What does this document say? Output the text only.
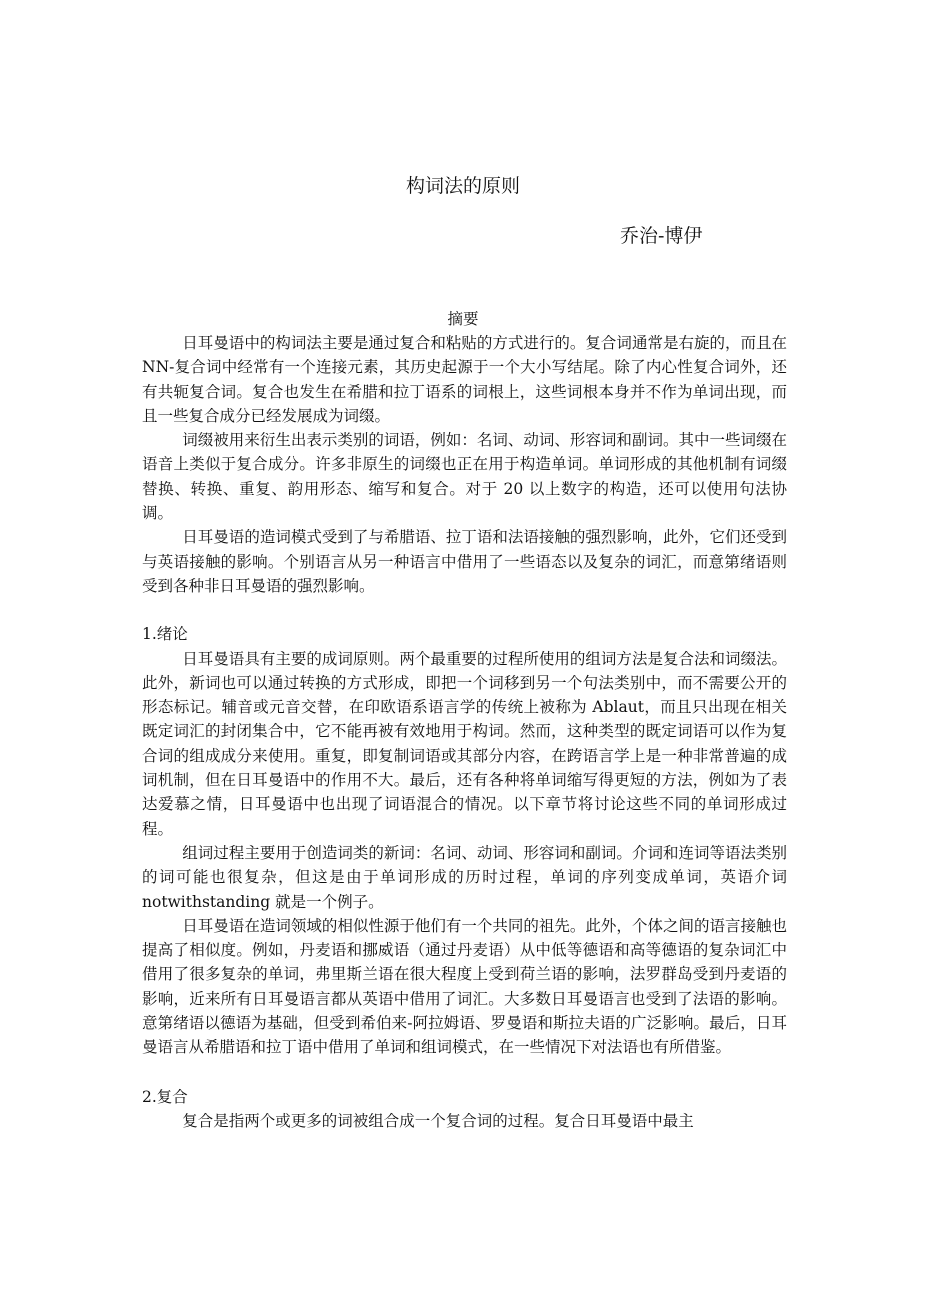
构词法的原则
乔治-博伊
摘要

日耳曼语中的构词法主要是通过复合和粘贴的方式进行的。复合词通常是右旋的，而且在 NN-复合词中经常有一个连接元素，其历史起源于一个大小写结尾。除了内心性复合词外，还有共轭复合词。复合也发生在希腊和拉丁语系的词根上，这些词根本身并不作为单词出现，而且一些复合成分已经发展成为词缀。

词缀被用来衍生出表示类别的词语，例如：名词、动词、形容词和副词。其中一些词缀在语音上类似于复合成分。许多非原生的词缀也正在用于构造单词。单词形成的其他机制有词缀替换、转换、重复、韵用形态、缩写和复合。对于 20 以上数字的构造，还可以使用句法协调。

日耳曼语的造词模式受到了与希腊语、拉丁语和法语接触的强烈影响，此外，它们还受到与英语接触的影响。个别语言从另一种语言中借用了一些语态以及复杂的词汇，而意第绪语则受到各种非日耳曼语的强烈影响。

1.绪论

日耳曼语具有主要的成词原则。两个最重要的过程所使用的组词方法是复合法和词缀法。此外，新词也可以通过转换的方式形成，即把一个词移到另一个句法类别中，而不需要公开的形态标记。辅音或元音交替，在印欧语系语言学的传统上被称为 Ablaut，而且只出现在相关既定词汇的封闭集合中，它不能再被有效地用于构词。然而，这种类型的既定词语可以作为复合词的组成成分来使用。重复，即复制词语或其部分内容，在跨语言学上是一种非常普遍的成词机制，但在日耳曼语中的作用不大。最后，还有各种将单词缩写得更短的方法，例如为了表达爱慕之情，日耳曼语中也出现了词语混合的情况。以下章节将讨论这些不同的单词形成过程。

组词过程主要用于创造词类的新词：名词、动词、形容词和副词。介词和连词等语法类别的词可能也很复杂，但这是由于单词形成的历时过程，单词的序列变成单词，英语介词 notwithstanding 就是一个例子。

日耳曼语在造词领域的相似性源于他们有一个共同的祖先。此外，个体之间的语言接触也提高了相似度。例如，丹麦语和挪威语（通过丹麦语）从中低等德语和高等德语的复杂词汇中借用了很多复杂的单词，弗里斯兰语在很大程度上受到荷兰语的影响，法罗群岛受到丹麦语的影响，近来所有日耳曼语言都从英语中借用了词汇。大多数日耳曼语言也受到了法语的影响。意第绪语以德语为基础，但受到希伯来-阿拉姆语、罗曼语和斯拉夫语的广泛影响。最后，日耳曼语言从希腊语和拉丁语中借用了单词和组词模式，在一些情况下对法语也有所借鉴。

2.复合

复合是指两个或更多的词被组合成一个复合词的过程。复合日耳曼语中最主
